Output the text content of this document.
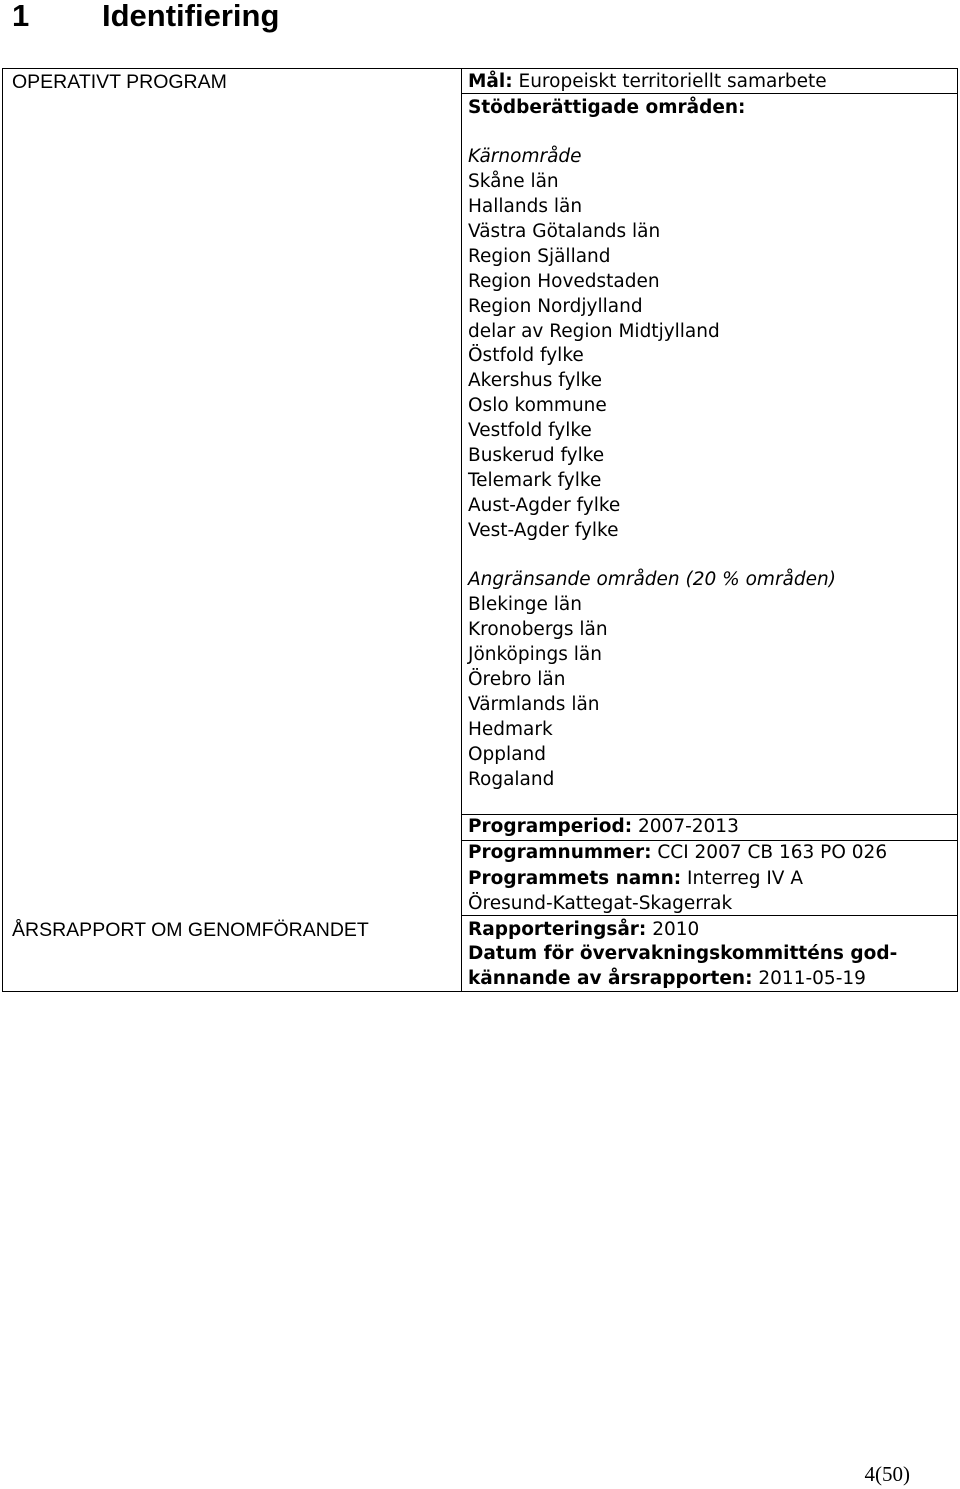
1 Identifiering
OPERATIVT PROGRAM
ÅRSRAPPORT OM GENOMFÖRANDET
Mål: Europeiskt territoriellt samarbete
Stödberättigade områden:
Kärnområde
Skåne län
Hallands län
Västra Götalands län
Region Själland
Region Hovedstaden
Region Nordjylland
delar av Region Midtjylland
Östfold fylke
Akershus fylke
Oslo kommune
Vestfold fylke
Buskerud fylke
Telemark fylke
Aust-Agder fylke
Vest-Agder fylke
Angränsande områden (20 % områden)
Blekinge län
Kronobergs län
Jönköpings län
Örebro län
Värmlands län
Hedmark
Oppland
Rogaland
Programperiod: 2007-2013
Programnummer: CCI 2007 CB 163 PO 026
Programmets namn: Interreg IV A
Öresund-Kattegat-Skagerrak
Rapporteringsår: 2010
Datum för övervakningskommitténs god-
kännande av årsrapporten: 2011-05-19
4(50)
